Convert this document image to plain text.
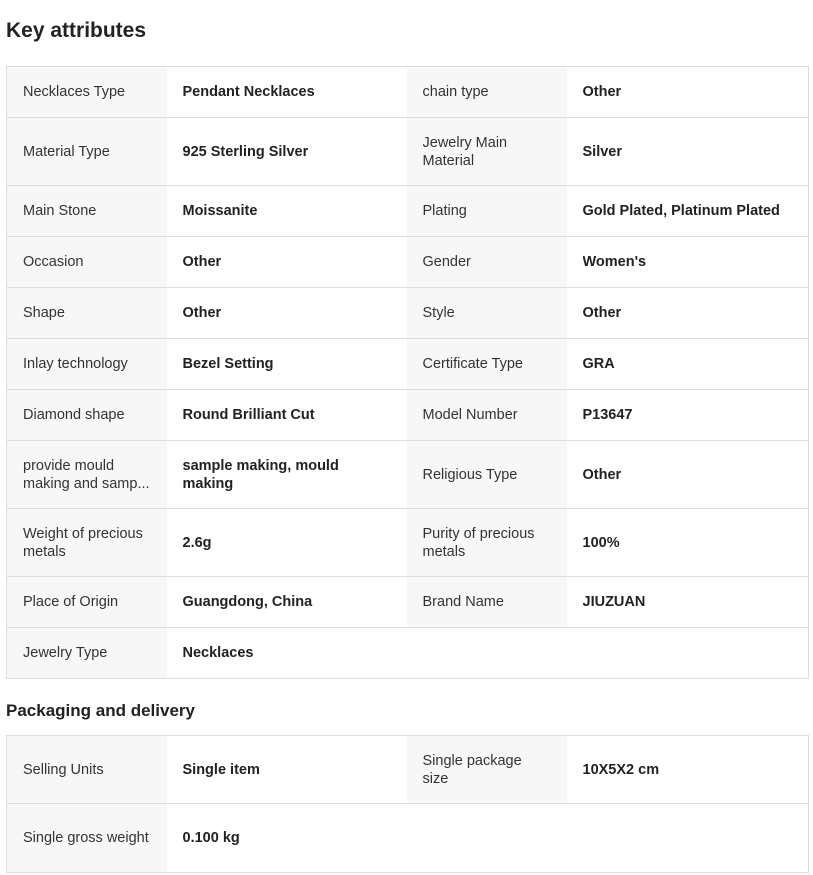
Key attributes
Necklaces Type	Pendant Necklaces	chain type	Other

Material Type	925 Sterling Silver	Jewelry Main Material	Silver

Main Stone	Moissanite	Plating	Gold Plated, Platinum Plated

Occasion	Other	Gender	Women's

Shape	Other	Style	Other

Inlay technology	Bezel Setting	Certificate Type	GRA

Diamond shape	Round Brilliant Cut	Model Number	P13647

provide mould making and samp...	sample making, mould making	Religious Type	Other

Weight of precious metals	2.6g	Purity of precious metals	100%

Place of Origin	Guangdong, China	Brand Name	JIUZUAN

Jewelry Type	Necklaces		

Packaging and delivery
Selling Units	Single item	Single package size	10X5X2 cm

Single gross weight	0.100 kg		
